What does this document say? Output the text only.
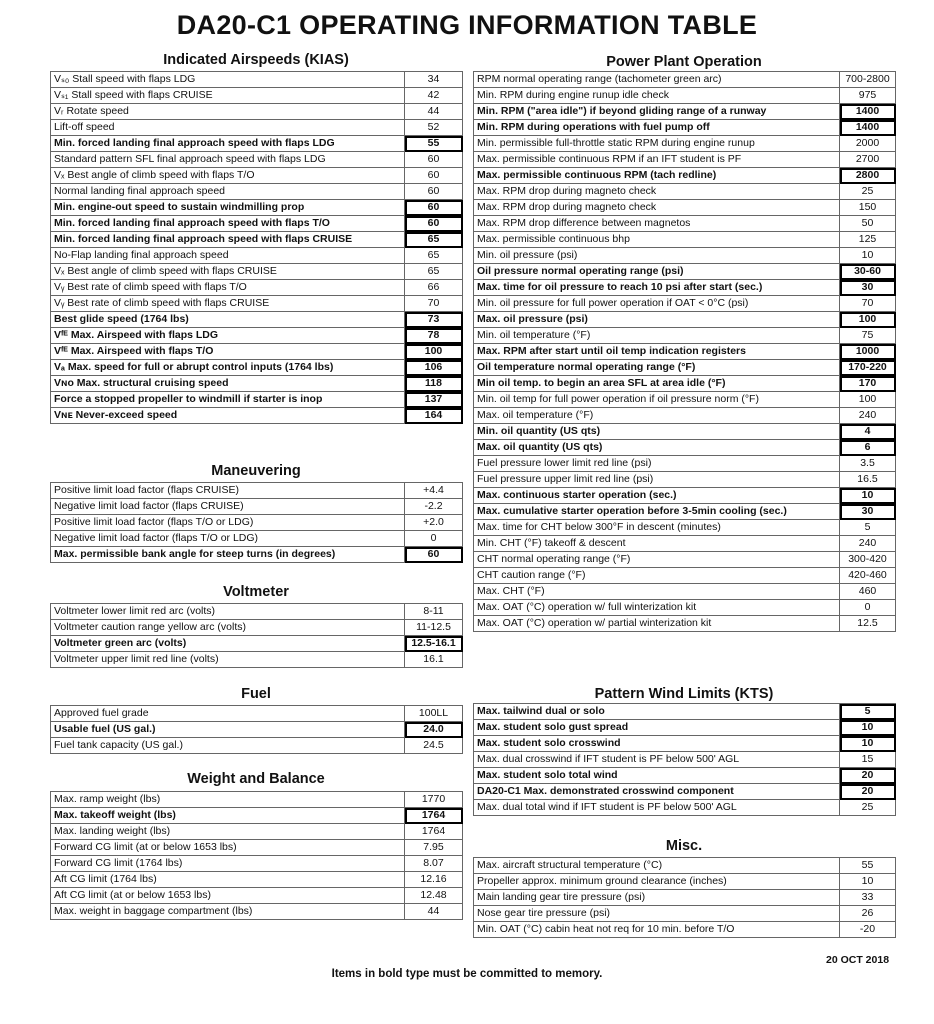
DA20-C1 OPERATING INFORMATION TABLE
Indicated Airspeeds (KIAS)
Vₛ₀ Stall speed with flaps LDG	34
Vₛ₁ Stall speed with flaps CRUISE	42
Vᵣ Rotate speed	44
Lift-off speed	52
Min. forced landing final approach speed with flaps LDG	55
Standard pattern SFL final approach speed with flaps LDG	60
Vₓ Best angle of climb speed with flaps T/O	60
Normal landing final approach speed	60
Min. engine-out speed to sustain windmilling prop	60
Min. forced landing final approach speed with flaps T/O	60
Min. forced landing final approach speed with flaps CRUISE	65
No-Flap landing final approach speed	65
Vₓ Best angle of climb speed with flaps CRUISE	65
Vᵧ Best rate of climb speed with flaps T/O	66
Vᵧ Best rate of climb speed with flaps CRUISE	70
Best glide speed (1764 lbs)	73
Vᶠᴱ Max. Airspeed with flaps LDG	78
Vᶠᴱ Max. Airspeed with flaps T/O	100
Vₐ Max. speed for full or abrupt control inputs (1764 lbs)	106
Vɴᴏ Max. structural cruising speed	118
Force a stopped propeller to windmill if starter is inop	137
Vɴᴇ Never-exceed speed	164
Maneuvering
Positive limit load factor (flaps CRUISE)	+4.4
Negative limit load factor (flaps CRUISE)	-2.2
Positive limit load factor (flaps T/O or LDG)	+2.0
Negative limit load factor (flaps T/O or LDG)	0
Max. permissible bank angle for steep turns (in degrees)	60
Voltmeter
Voltmeter lower limit red arc (volts)	8-11
Voltmeter caution range yellow arc (volts)	11-12.5
Voltmeter green arc (volts)	12.5-16.1
Voltmeter upper limit red line (volts)	16.1
Fuel
Approved fuel grade	100LL
Usable fuel (US gal.)	24.0
Fuel tank capacity (US gal.)	24.5
Weight and Balance
Max. ramp weight (lbs)	1770
Max. takeoff weight (lbs)	1764
Max. landing weight (lbs)	1764
Forward CG limit (at or below 1653 lbs)	7.95
Forward CG limit (1764 lbs)	8.07
Aft CG limit (1764 lbs)	12.16
Aft CG limit (at or below 1653 lbs)	12.48
Max. weight in baggage compartment (lbs)	44
Power Plant Operation
RPM normal operating range (tachometer green arc)	700-2800
Min. RPM during engine runup idle check	975
Min. RPM ("area idle") if beyond gliding range of a runway	1400
Min. RPM during operations with fuel pump off	1400
Min. permissible full-throttle static RPM during engine runup	2000
Max. permissible continuous RPM if an IFT student is PF	2700
Max. permissible continuous RPM (tach redline)	2800
Max. RPM drop during magneto check	25
Max. RPM drop during magneto check	150
Max. RPM drop difference between magnetos	50
Max. permissible continuous bhp	125
Min. oil pressure (psi)	10
Oil pressure normal operating range (psi)	30-60
Max. time for oil pressure to reach 10 psi after start (sec.)	30
Min. oil pressure for full power operation if OAT < 0°C (psi)	70
Max. oil pressure (psi)	100
Min. oil temperature (°F)	75
Max. RPM after start until oil temp indication registers	1000
Oil temperature normal operating range (°F)	170-220
Min oil temp. to begin an area SFL at area idle (°F)	170
Min. oil temp for full power operation if oil pressure norm (°F)	100
Max. oil temperature (°F)	240
Min. oil quantity (US qts)	4
Max. oil quantity (US qts)	6
Fuel pressure lower limit red line (psi)	3.5
Fuel pressure upper limit red line (psi)	16.5
Max. continuous starter operation (sec.)	10
Max. cumulative starter operation before 3-5min cooling (sec.)	30
Max. time for CHT below 300°F in descent (minutes)	5
Min. CHT (°F) takeoff & descent	240
CHT normal operating range (°F)	300-420
CHT caution range (°F)	420-460
Max. CHT (°F)	460
Max. OAT (°C) operation w/ full winterization kit	0
Max. OAT (°C) operation w/ partial winterization kit	12.5
Pattern Wind Limits (KTS)
Max. tailwind dual or solo	5
Max. student solo gust spread	10
Max. student solo crosswind	10
Max. dual crosswind if IFT student is PF below 500' AGL	15
Max. student solo total wind	20
DA20-C1 Max. demonstrated crosswind component	20
Max. dual total wind if IFT student is PF below 500' AGL	25
Misc.
Max. aircraft structural temperature (°C)	55
Propeller approx. minimum ground clearance (inches)	10
Main landing gear tire pressure (psi)	33
Nose gear tire pressure (psi)	26
Min. OAT (°C) cabin heat not req for 10 min. before T/O	-20
20 OCT 2018
Items in bold type must be committed to memory.
